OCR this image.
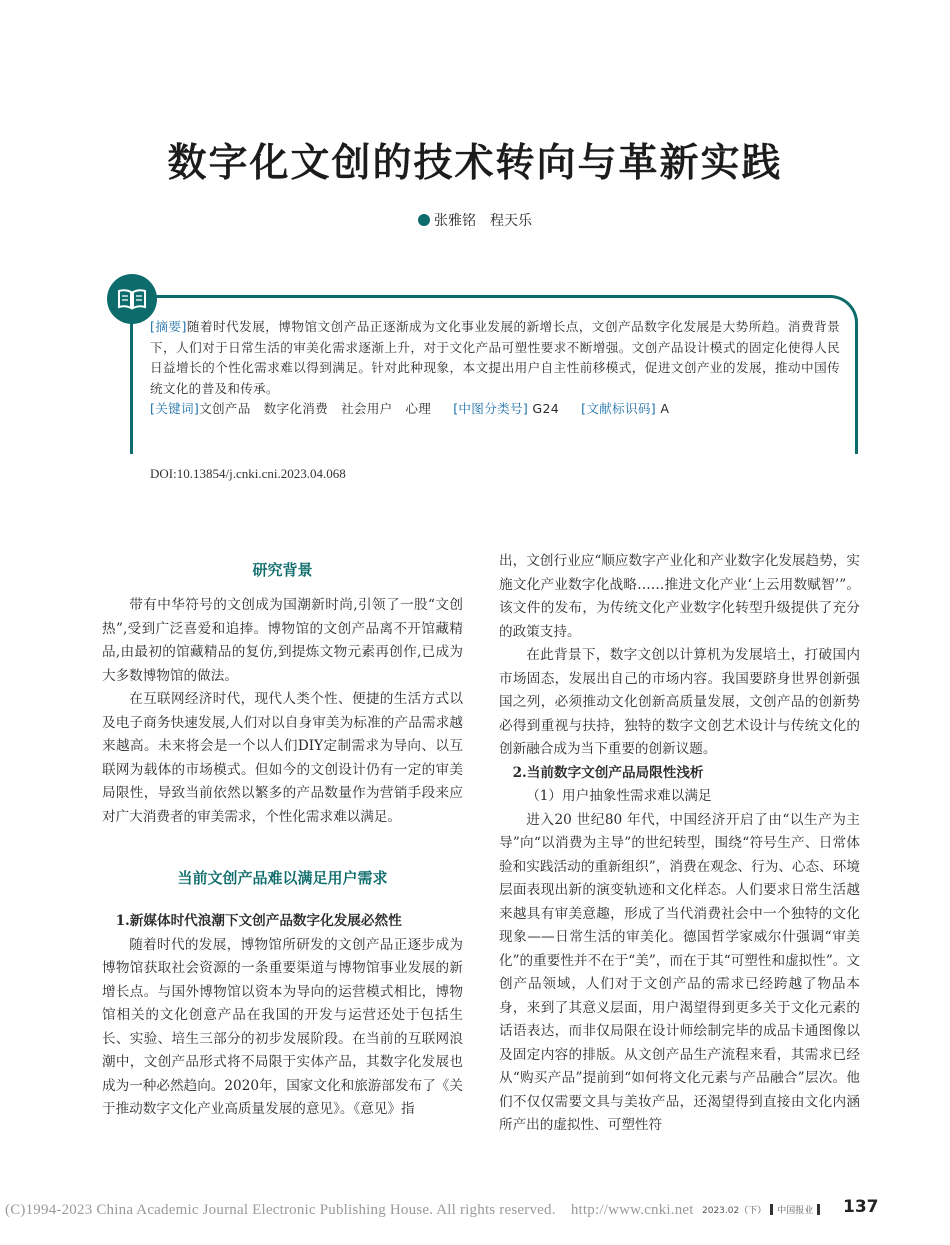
数字化文创的技术转向与革新实践
张雅铭　程天乐
[摘要]随着时代发展，博物馆文创产品正逐渐成为文化事业发展的新增长点，文创产品数字化发展是大势所趋。消费背景下，人们对于日常生活的审美化需求逐渐上升，对于文化产品可塑性要求不断增强。文创产品设计模式的固定化使得人民日益增长的个性化需求难以得到满足。针对此种现象，本文提出用户自主性前移模式，促进文创产业的发展，推动中国传统文化的普及和传承。
[关键词]文创产品　数字化消费　社会用户　心理 [中图分类号] G24 [文献标识码] A
DOI:10.13854/j.cnki.cni.2023.04.068
研究背景

带有中华符号的文创成为国潮新时尚,引领了一股“文创热”,受到广泛喜爱和追捧。博物馆的文创产品离不开馆藏精品,由最初的馆藏精品的复仿,到提炼文物元素再创作,已成为大多数博物馆的做法。

在互联网经济时代，现代人类个性、便捷的生活方式以及电子商务快速发展,人们对以自身审美为标准的产品需求越来越高。未来将会是一个以人们DIY定制需求为导向、以互联网为载体的市场模式。但如今的文创设计仍有一定的审美局限性，导致当前依然以繁多的产品数量作为营销手段来应对广大消费者的审美需求，个性化需求难以满足。

当前文创产品难以满足用户需求

1.新媒体时代浪潮下文创产品数字化发展必然性

随着时代的发展，博物馆所研发的文创产品正逐步成为博物馆获取社会资源的一条重要渠道与博物馆事业发展的新增长点。与国外博物馆以资本为导向的运营模式相比，博物馆相关的文化创意产品在我国的开发与运营还处于包括生长、实验、培生三部分的初步发展阶段。在当前的互联网浪潮中，文创产品形式将不局限于实体产品，其数字化发展也成为一种必然趋向。2020年，国家文化和旅游部发布了《关于推动数字文化产业高质量发展的意见》。《意见》指

出，文创行业应“顺应数字产业化和产业数字化发展趋势，实施文化产业数字化战略……推进文化产业‘上云用数赋智’”。该文件的发布，为传统文化产业数字化转型升级提供了充分的政策支持。

在此背景下，数字文创以计算机为发展培土，打破国内市场固态，发展出自己的市场内容。我国要跻身世界创新强国之列，必须推动文化创新高质量发展，文创产品的创新势必得到重视与扶持，独特的数字文创艺术设计与传统文化的创新融合成为当下重要的创新议题。

2.当前数字文创产品局限性浅析

（1）用户抽象性需求难以满足

进入20 世纪80 年代，中国经济开启了由“以生产为主导”向“以消费为主导”的世纪转型，围绕“符号生产、日常体验和实践活动的重新组织”，消费在观念、行为、心态、环境层面表现出新的演变轨迹和文化样态。人们要求日常生活越来越具有审美意趣，形成了当代消费社会中一个独特的文化现象——日常生活的审美化。德国哲学家威尔什强调“审美化”的重要性并不在于“美”，而在于其“可塑性和虚拟性”。文创产品领域，人们对于文创产品的需求已经跨越了物品本身，来到了其意义层面，用户渴望得到更多关于文化元素的话语表达，而非仅局限在设计师绘制完毕的成品卡通图像以及固定内容的排版。从文创产品生产流程来看，其需求已经从“购买产品”提前到“如何将文化元素与产品融合”层次。他们不仅仅需要文具与美妆产品，还渴望得到直接由文化内涵所产出的虚拟性、可塑性符

(C)1994-2023 China Academic Journal Electronic Publishing House. All rights reserved.　http://www.cnki.net 2023.02（下） 中国报业	137
